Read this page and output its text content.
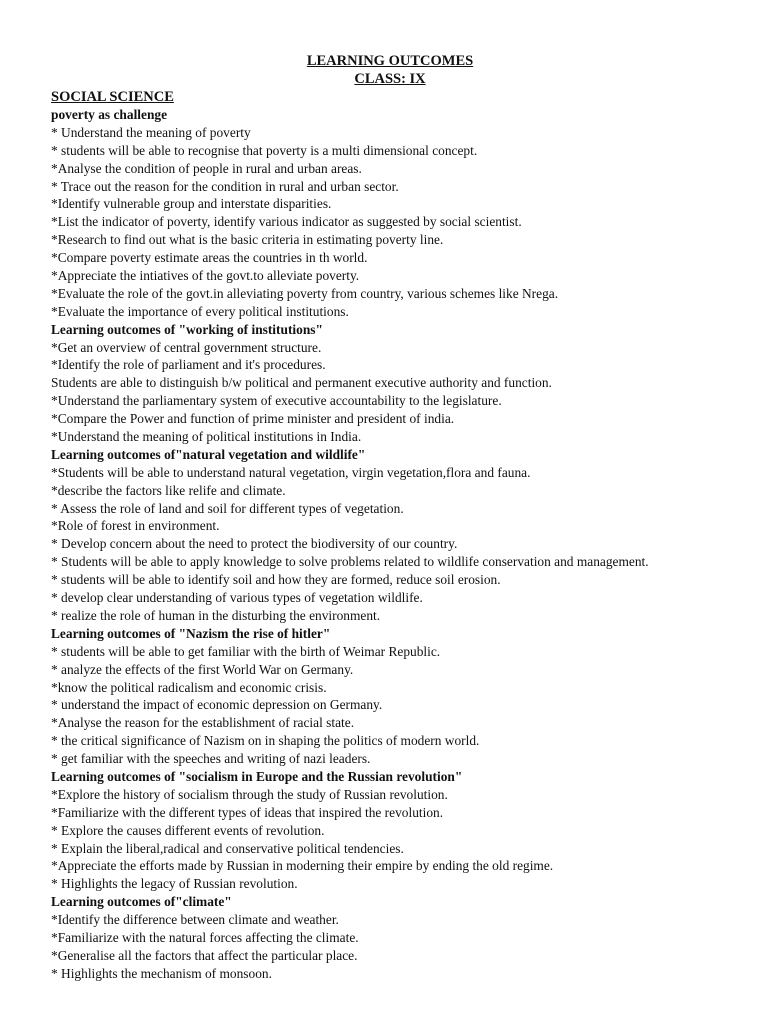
LEARNING OUTCOMES
CLASS: IX
SOCIAL SCIENCE
poverty as challenge
* Understand the meaning of poverty
* students will be able to recognise that poverty is a multi dimensional concept.
*Analyse the condition of people in rural and urban areas.
* Trace out the reason for the condition in rural and urban sector.
*Identify vulnerable group and interstate disparities.
*List the indicator of poverty, identify various indicator as suggested by social scientist.
*Research to find out what is the basic criteria in estimating poverty line.
*Compare poverty estimate areas the countries in th world.
*Appreciate the intiatives of the govt.to alleviate poverty.
*Evaluate the role of the govt.in alleviating poverty from country, various schemes like Nrega.
*Evaluate the importance of every political institutions.
Learning outcomes of "working of institutions"
*Get an overview of central government structure.
*Identify the role of parliament and it's procedures.
Students are able to distinguish b/w political and permanent executive authority and function.
*Understand the parliamentary system of executive accountability to the legislature.
*Compare the Power and function of prime minister and president of india.
*Understand the meaning of political institutions in India.
Learning outcomes of"natural vegetation and wildlife"
*Students will be able to understand natural vegetation, virgin vegetation,flora and fauna.
*describe the factors like relife and climate.
* Assess the role of land and soil for different types of vegetation.
*Role of forest in environment.
* Develop concern about the need to protect the biodiversity of our country.
* Students will be able to apply knowledge to solve problems related to wildlife conservation and management.
* students will be able to identify soil and how they are formed, reduce soil erosion.
* develop clear understanding of various types of vegetation wildlife.
* realize the role of human in the disturbing the environment.
Learning outcomes of "Nazism the rise of hitler"
* students will be able to get familiar with the birth of Weimar Republic.
* analyze the effects of the first World War on Germany.
*know the political radicalism and economic crisis.
* understand the impact of economic depression on Germany.
*Analyse the reason for the establishment of racial state.
* the critical significance of Nazism on in shaping the politics of modern world.
* get familiar with the speeches and writing of nazi leaders.
Learning outcomes of "socialism in Europe and the Russian revolution"
*Explore the history of socialism through the study of Russian revolution.
*Familiarize with the different types of ideas that inspired the revolution.
* Explore the causes different events of revolution.
* Explain the liberal,radical and conservative political tendencies.
*Appreciate the efforts made by Russian in moderning their empire by ending the old regime.
* Highlights the legacy of Russian revolution.
Learning outcomes of"climate"
*Identify the difference between climate and weather.
*Familiarize with the natural forces affecting the climate.
*Generalise all the factors that affect the particular place.
* Highlights the mechanism of monsoon.
